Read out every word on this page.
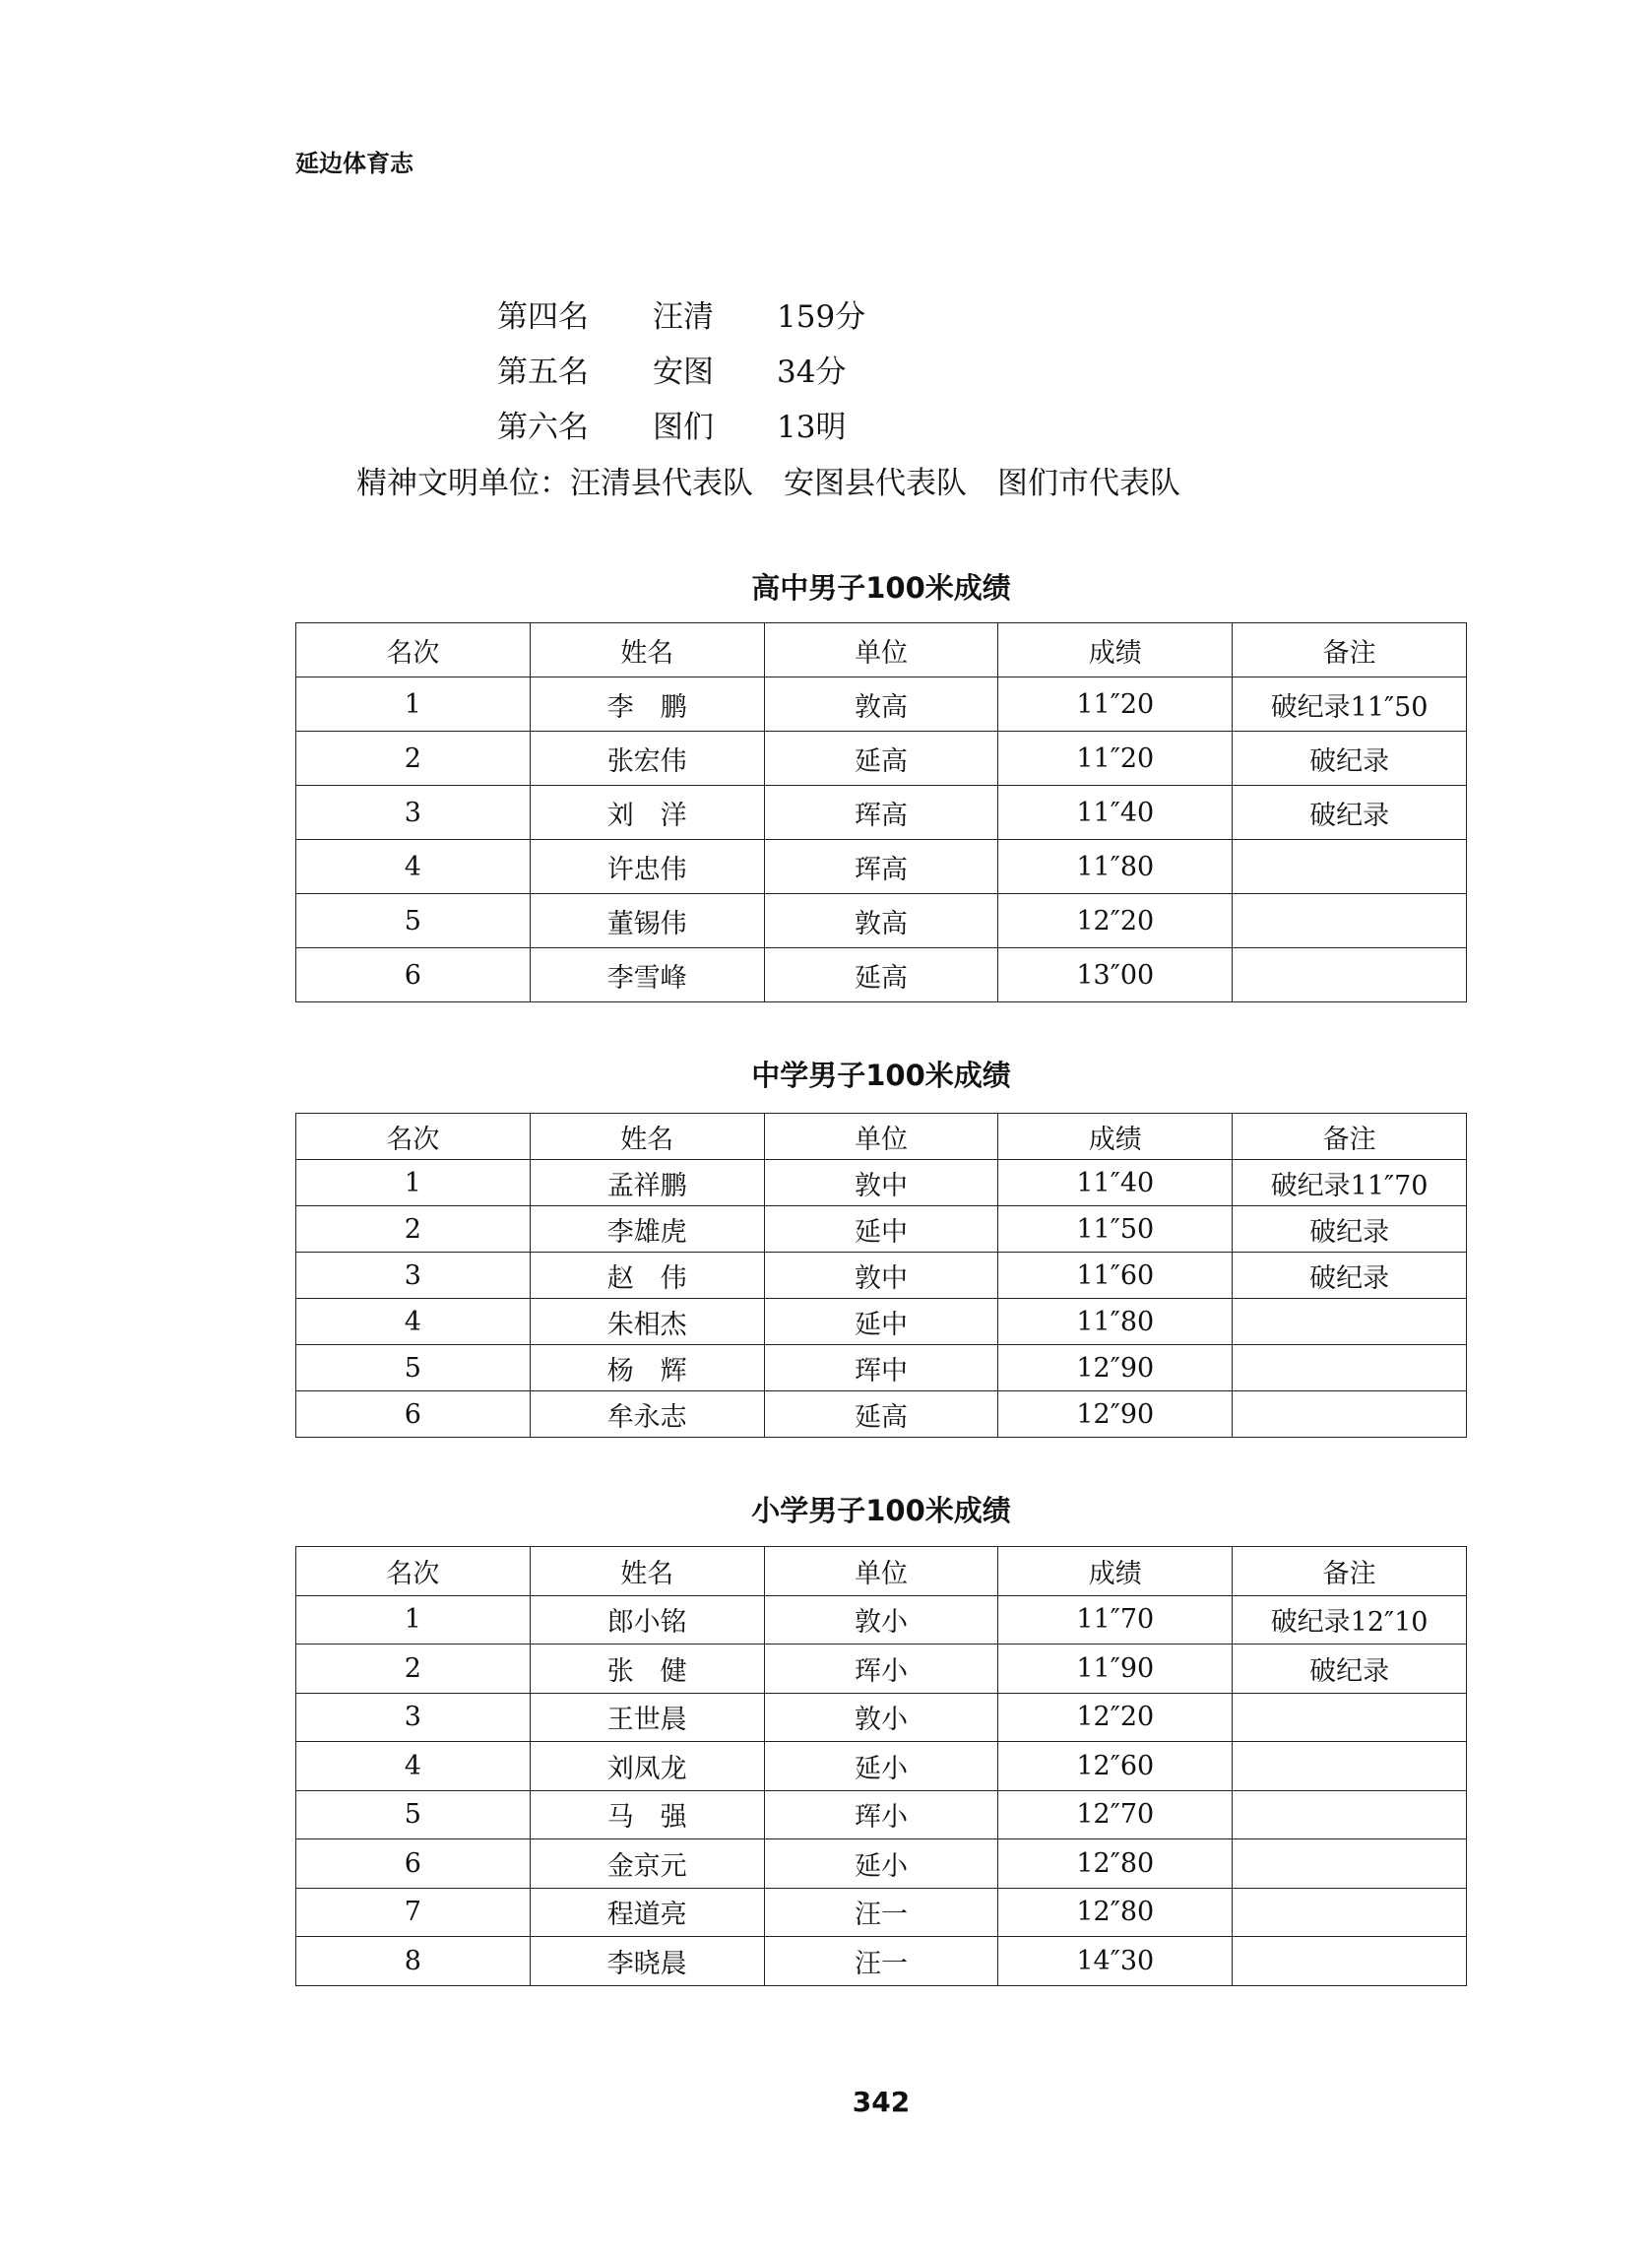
延边体育志
第四名	汪清	159分
第五名	安图	34分
第六名	图们	13明
精神文明单位：汪清县代表队　安图县代表队　图们市代表队
高中男子100米成绩
名次	姓名	单位	成绩	备注
1	李　鹏	敦高	11″20	破纪录11″50
2	张宏伟	延高	11″20	破纪录
3	刘　洋	珲高	11″40	破纪录
4	许忠伟	珲高	11″80	
5	董锡伟	敦高	12″20	
6	李雪峰	延高	13″00	
中学男子100米成绩
名次	姓名	单位	成绩	备注
1	孟祥鹏	敦中	11″40	破纪录11″70
2	李雄虎	延中	11″50	破纪录
3	赵　伟	敦中	11″60	破纪录
4	朱相杰	延中	11″80	
5	杨　辉	珲中	12″90	
6	牟永志	延高	12″90	
小学男子100米成绩
名次	姓名	单位	成绩	备注
1	郎小铭	敦小	11″70	破纪录12″10
2	张　健	珲小	11″90	破纪录
3	王世晨	敦小	12″20	
4	刘凤龙	延小	12″60	
5	马　强	珲小	12″70	
6	金京元	延小	12″80	
7	程道亮	汪一	12″80	
8	李晓晨	汪一	14″30	
342
